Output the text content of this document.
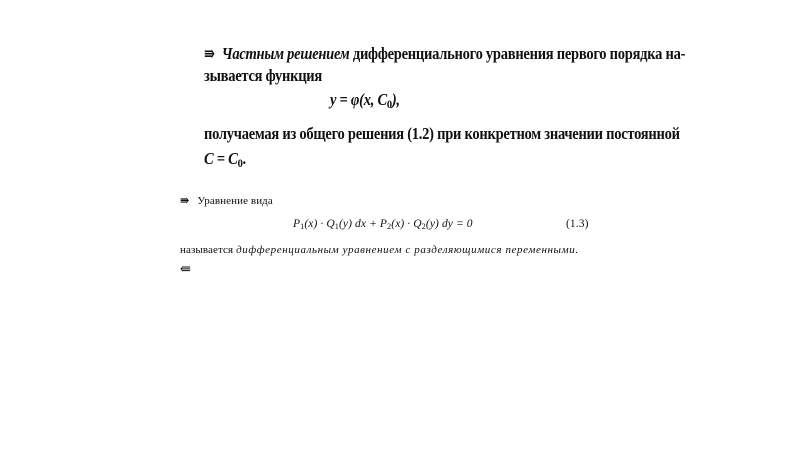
⇛ Частным решением дифференциального уравнения первого порядка на-
зывается функция
y = φ(x, $C_0$),
получаемая из общего решения (1.2) при конкретном значении постоянной
$C = C_0$.
⇛ Уравнение вида
$P_1(x) \cdot Q_1(y)$ dx + $P_2(x) \cdot Q_2(y)$ dy = 0	(1.3)
называется дифференциальным уравнением с разделяющимися переменными.
⇚
